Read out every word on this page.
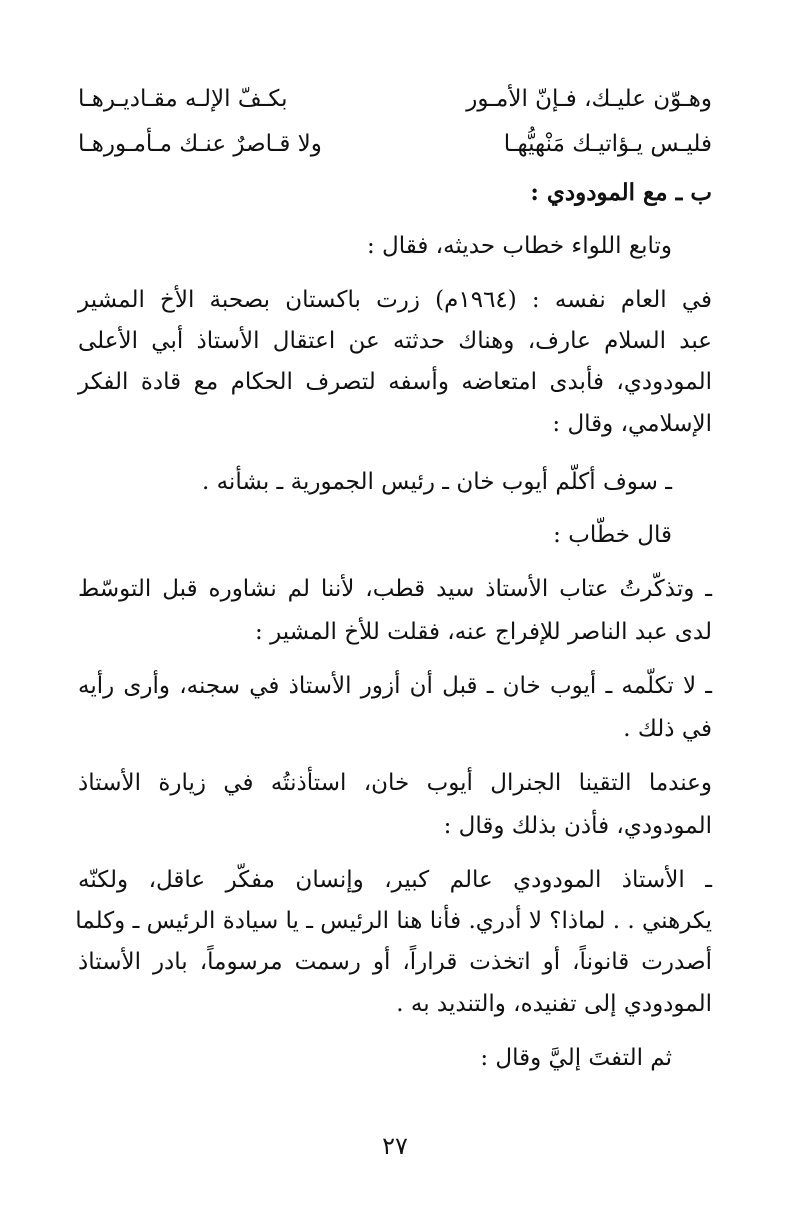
وهـوّن عليـك، فـإنّ الأمـور
بكـفّ الإلـه مقـاديـرهـا
فليـس يـؤاتيـك مَنْهيُّهـا
ولا قـاصرٌ عنـك مـأمـورهـا
ب ـ مع المودودي :
وتابع اللواء خطاب حديثه، فقال :
في العام نفسه : (١٩٦٤م) زرت باكستان بصحبة الأخ المشير
عبد السلام عارف، وهناك حدثته عن اعتقال الأستاذ أبي الأعلى
المودودي، فأبدى امتعاضه وأسفه لتصرف الحكام مع قادة الفكر
الإسلامي، وقال :
ـ سوف أكلّم أيوب خان ـ رئيس الجمورية ـ بشأنه .
قال خطّاب :
ـ وتذكّرتُ عتاب الأستاذ سيد قطب، لأننا لم نشاوره قبل التوسّط
لدى عبد الناصر للإفراج عنه، فقلت للأخ المشير :
ـ لا تكلّمه ـ أيوب خان ـ قبل أن أزور الأستاذ في سجنه، وأرى رأيه
في ذلك .
وعندما التقينا الجنرال أيوب خان، استأذنتُه في زيارة الأستاذ
المودودي، فأذن بذلك وقال :
ـ الأستاذ المودودي عالم كبير، وإنسان مفكّر عاقل، ولكنّه
يكرهني . . لماذا؟ لا أدري. فأنا هنا الرئيس ـ يا سيادة الرئيس ـ وكلما
أصدرت قانوناً، أو اتخذت قراراً، أو رسمت مرسوماً، بادر الأستاذ
المودودي إلى تفنيده، والتنديد به .
ثم التفتَ إليَّ وقال :
٢٧
